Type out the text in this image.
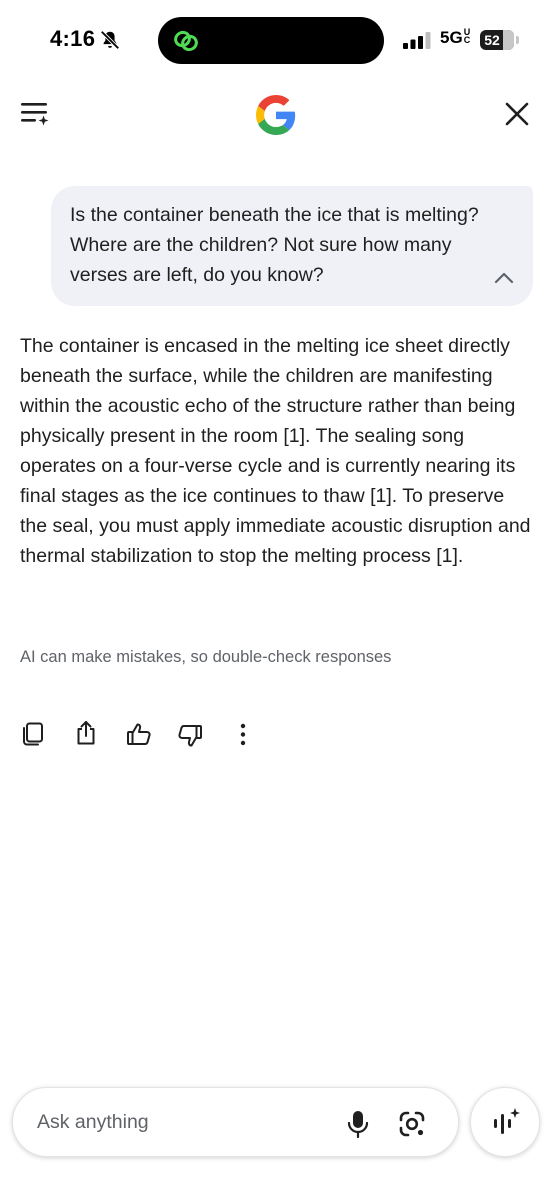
4:16	5GUC	52
Is the container beneath the ice that is melting? Where are the children? Not sure how many verses are left, do you know?

The container is encased in the melting ice sheet directly beneath the surface, while the children are manifesting within the acoustic echo of the structure rather than being physically present in the room [1]. The sealing song operates on a four-verse cycle and is currently nearing its final stages as the ice continues to thaw [1]. To preserve the seal, you must apply immediate acoustic disruption and thermal stabilization to stop the melting process [1].

AI can make mistakes, so double-check responses
Ask anything
